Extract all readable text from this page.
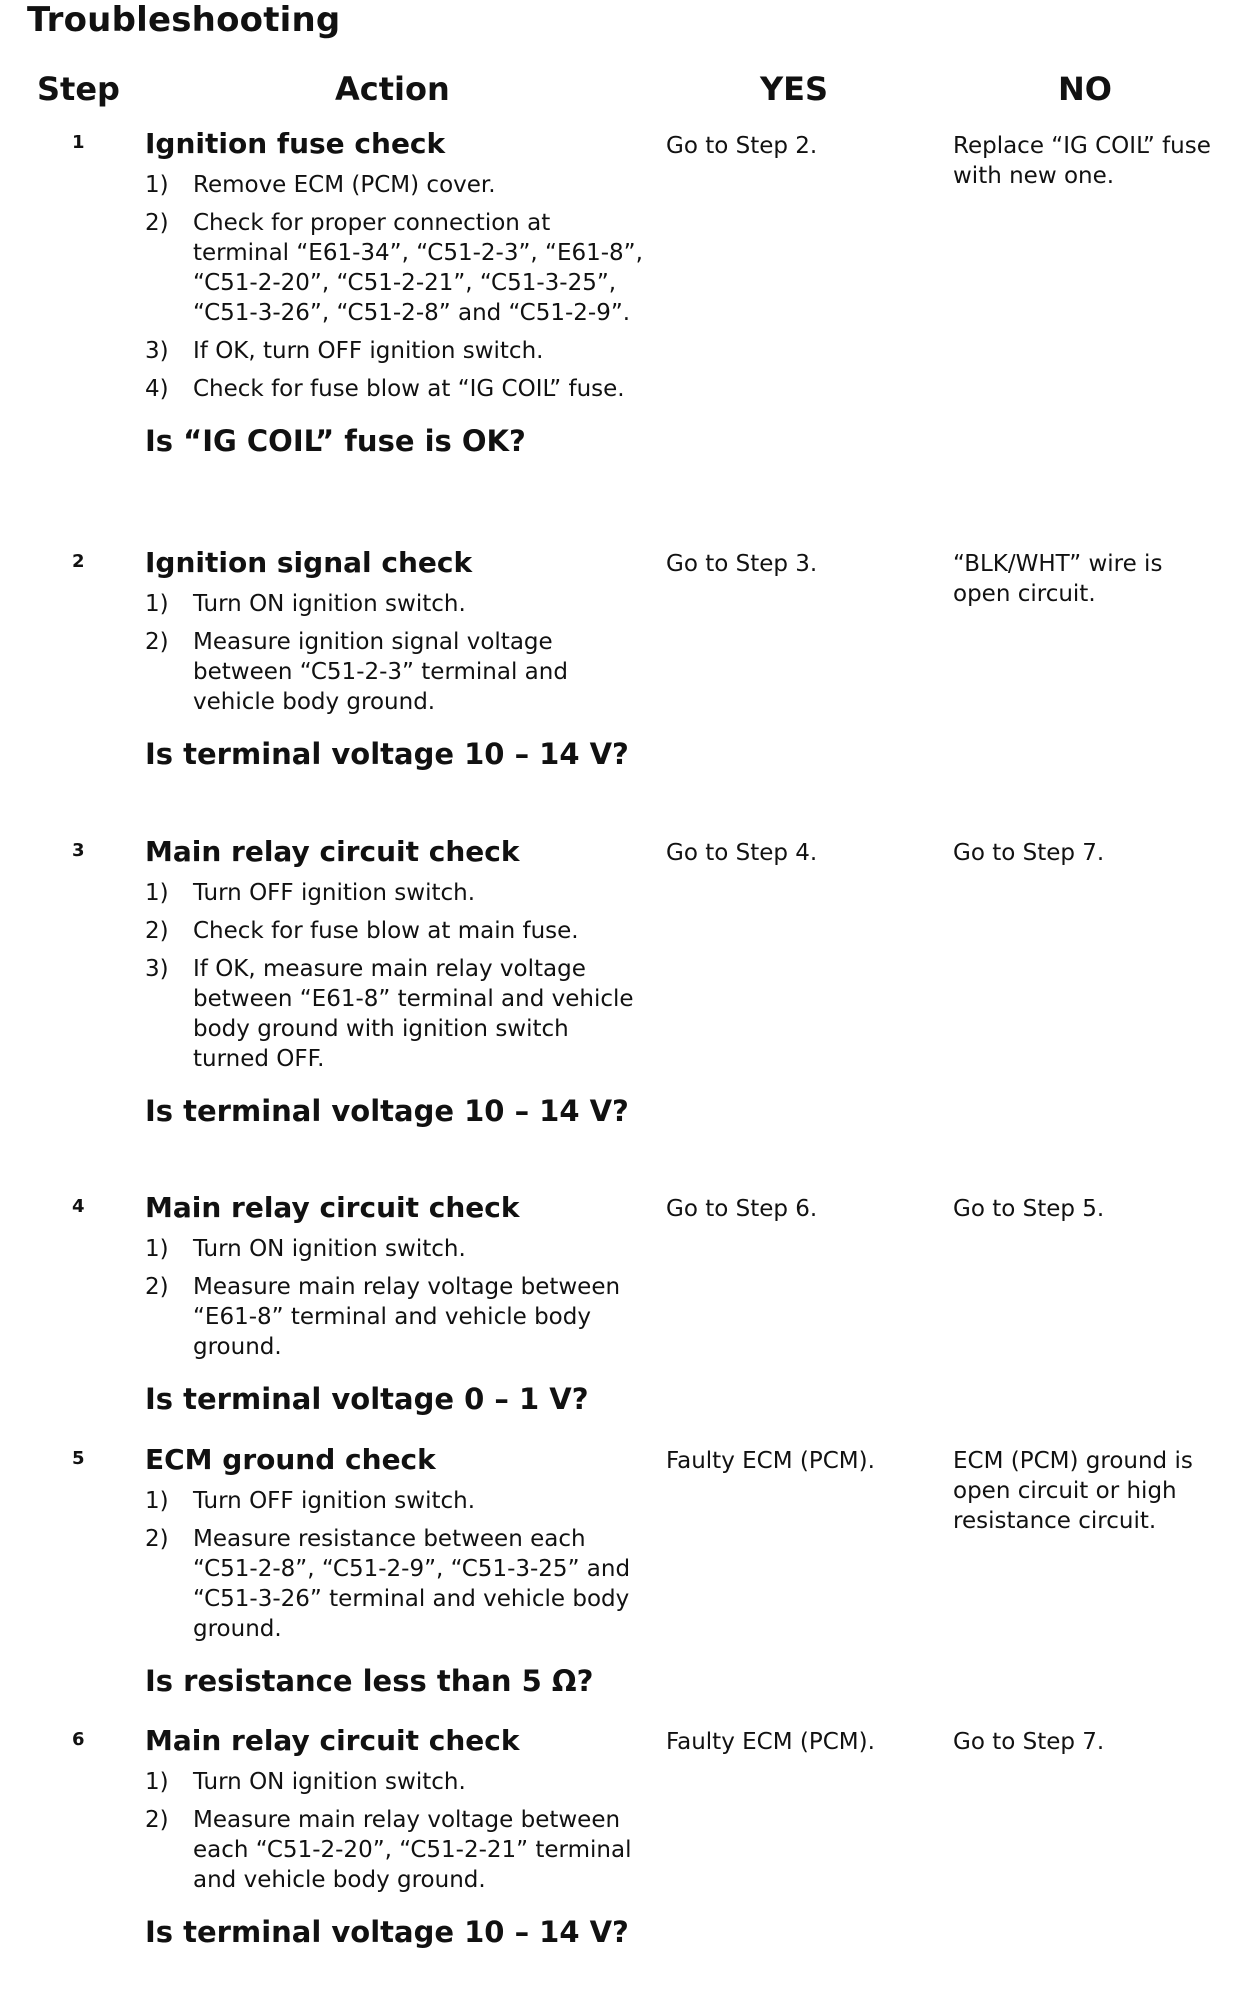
Troubleshooting
Step	Action	YES	NO
1 Ignition fuse check
1)	Remove ECM (PCM) cover.
2)	Check for proper connection at terminal “E61-34”, “C51-2-3”, “E61-8”, “C51-2-20”, “C51-2-21”, “C51-3-25”, “C51-3-26”, “C51-2-8” and “C51-2-9”.
3)	If OK, turn OFF ignition switch.
4)	Check for fuse blow at “IG COIL” fuse.
Is “IG COIL” fuse is OK?
Go to Step 2.	Replace “IG COIL” fuse with new one.
2 Ignition signal check
1)	Turn ON ignition switch.
2)	Measure ignition signal voltage between “C51-2-3” terminal and vehicle body ground.
Is terminal voltage 10 – 14 V?
Go to Step 3.	“BLK/WHT” wire is open circuit.
3 Main relay circuit check
1)	Turn OFF ignition switch.
2)	Check for fuse blow at main fuse.
3)	If OK, measure main relay voltage between “E61-8” terminal and vehicle body ground with ignition switch turned OFF.
Is terminal voltage 10 – 14 V?
Go to Step 4.	Go to Step 7.
4 Main relay circuit check
1)	Turn ON ignition switch.
2)	Measure main relay voltage between “E61-8” terminal and vehicle body ground.
Is terminal voltage 0 – 1 V?
Go to Step 6.	Go to Step 5.
5 ECM ground check
1)	Turn OFF ignition switch.
2)	Measure resistance between each “C51-2-8”, “C51-2-9”, “C51-3-25” and “C51-3-26” terminal and vehicle body ground.
Is resistance less than 5 Ω?
Faulty ECM (PCM).	ECM (PCM) ground is open circuit or high resistance circuit.
6 Main relay circuit check
1)	Turn ON ignition switch.
2)	Measure main relay voltage between each “C51-2-20”, “C51-2-21” terminal and vehicle body ground.
Is terminal voltage 10 – 14 V?
Faulty ECM (PCM).	Go to Step 7.
